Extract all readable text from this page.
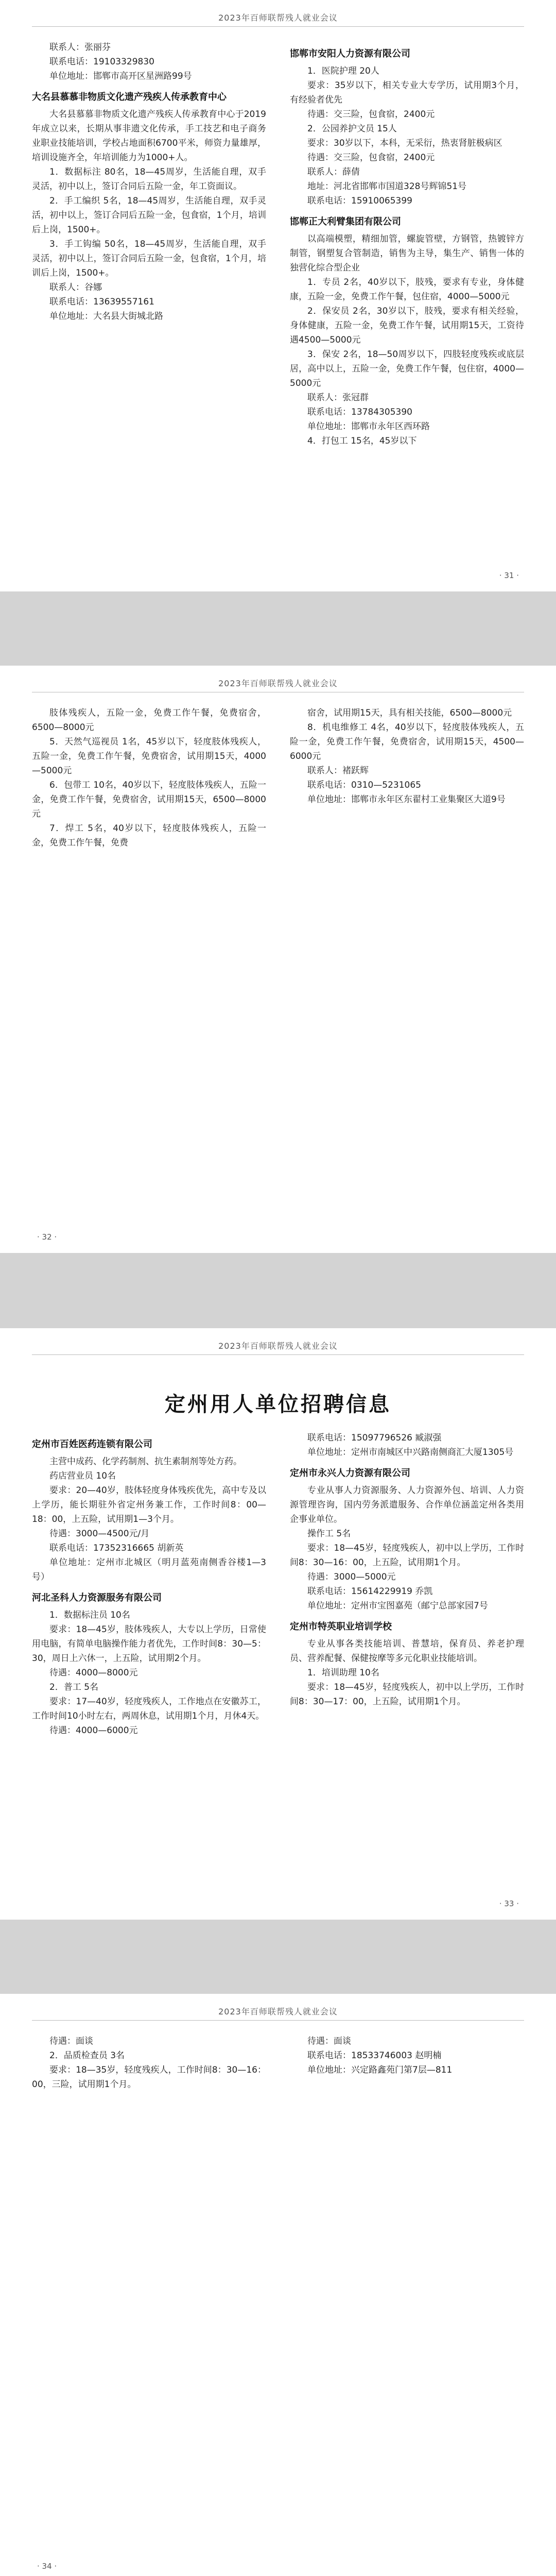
2023年百师联帮残人就业会议

联系人：张丽芬

联系电话：19103329830

单位地址：邯郸市高开区星洲路99号

大名县慕慕非物质文化遗产残疾人传承教育中心

大名县慕慕非物质文化遗产残疾人传承教育中心于2019年成立以来，长期从事非遗文化传承，手工技艺和电子商务业职业技能培训，学校占地面积6700平米，师资力量雄厚，培训设施齐全，年培训能力为1000+人。

1．数据标注 80名，18—45周岁，生活能自理，双手灵活，初中以上，签订合同后五险一金，年工资面议。

2．手工编织 5名，18—45周岁，生活能自理，双手灵活，初中以上，签订合同后五险一金，包食宿，1个月，培训后上岗，1500+。

3．手工钩编 50名，18—45周岁，生活能自理，双手灵活，初中以上，签订合同后五险一金，包食宿，1个月，培训后上岗，1500+。

联系人：谷娜

联系电话：13639557161

单位地址：大名县大街城北路

邯郸市安阳人力资源有限公司

1．医院护理 20人

要求：35岁以下，相关专业大专学历，试用期3个月，有经验者优先

待遇：交三险，包食宿，2400元

2．公园养护文员 15人

要求：30岁以下，本科，无采衍，热衷肾脏极病区

待遇：交三险，包食宿，2400元

联系人：薛倩

地址：河北省邯郸市国道328号辉锦51号

联系电话：15910065399

邯郸正大利臂集团有限公司

以高端模塑，精细加管，螺旋管壁，方钢管，热镀锌方制管，钢塑复合管制造，销售为主导，集生产、销售一体的独营化综合型企业

1．专员 2名，40岁以下，肢残，要求有专业，身体健康，五险一金，免费工作午餐，包住宿，4000—5000元

2．保安员 2名，30岁以下，肢残，要求有相关经验，身体健康，五险一金，免费工作午餐，试用期15天，工资待遇4500—5000元

3．保安 2名，18—50周岁以下，四肢轻度残疾或底层居，高中以上，五险一金，免费工作午餐，包住宿，4000—5000元

联系人：张冠群

联系电话：13784305390

单位地址：邯郸市永年区西环路

4．打包工 15名，45岁以下

· 31 ·
2023年百师联帮残人就业会议

肢体残疾人，五险一金，免费工作午餐，免费宿舍，6500—8000元

5．天然气巡视员 1名，45岁以下，轻度肢体残疾人，五险一金，免费工作午餐，免费宿舍，试用期15天，4000—5000元

6．包带工 10名，40岁以下，轻度肢体残疾人，五险一金，免费工作午餐，免费宿舍，试用期15天，6500—8000元

7．焊工 5名，40岁以下，轻度肢体残疾人，五险一金，免费工作午餐，免费

宿舍，试用期15天，具有相关技能，6500—8000元

8．机电维修工 4名，40岁以下，轻度肢体残疾人，五险一金，免费工作午餐，免费宿舍，试用期15天，4500—6000元

联系人：褚跃辉

联系电话：0310—5231065

单位地址：邯郸市永年区东翟村工业集聚区大道9号

· 32 ·
2023年百师联帮残人就业会议
定州用人单位招聘信息
定州市百姓医药连锁有限公司

主营中成药、化学药制剂、抗生素制剂等处方药。

药店营业员 10名

要求：20—40岁，肢体轻度身体残疾优先，高中专及以上学历，能长期驻外省定州务兼工作，工作时间8：00—18：00，上五险，试用期1—3个月。

待遇：3000—4500元/月

联系电话：17352316665 胡新英

单位地址：定州市北城区（明月蓝苑南侧香谷楼1—3号）

河北圣科人力资源服务有限公司

1．数据标注员 10名

要求：18—45岁，肢体残疾人，大专以上学历，日常使用电脑，有简单电脑操作能力者优先，工作时间8：30—5：30，周日上六休一，上五险，试用期2个月。

待遇：4000—8000元

2．普工 5名

要求：17—40岁，轻度残疾人，工作地点在安徽苏工，工作时间10小时左右，两周休息，试用期1个月，月休4天。

待遇：4000—6000元

联系电话：15097796526 臧淑强

单位地址：定州市南城区中兴路南侧商汇大厦1305号

定州市永兴人力资源有限公司

专业从事人力资源服务、人力资源外包、培训、人力资源管理咨询，国内劳务派遣服务、合作单位涵盖定州各类用企事业单位。

操作工 5名

要求：18—45岁，轻度残疾人，初中以上学历，工作时间8：30—16：00，上五险，试用期1个月。

待遇：3000—5000元

联系电话：15614229919 乔凯

单位地址：定州市宝图嘉苑（邮宁总部家园7号

定州市特英职业培训学校

专业从事各类技能培训、普慧培，保育员、养老护理员、营养配餐、保健按摩等多元化职业技能培训。

1．培训助理 10名

要求：18—45岁，轻度残疾人，初中以上学历，工作时间8：30—17：00，上五险，试用期1个月。

· 33 ·
2023年百师联帮残人就业会议

待遇：面谈

2．品质检查员 3名

要求：18—35岁，轻度残疾人，工作时间8：30—16：00，三险，试用期1个月。

待遇：面谈

联系电话：18533746003 赵明楠

单位地址：兴定路鑫苑门第7层—811

· 34 ·
